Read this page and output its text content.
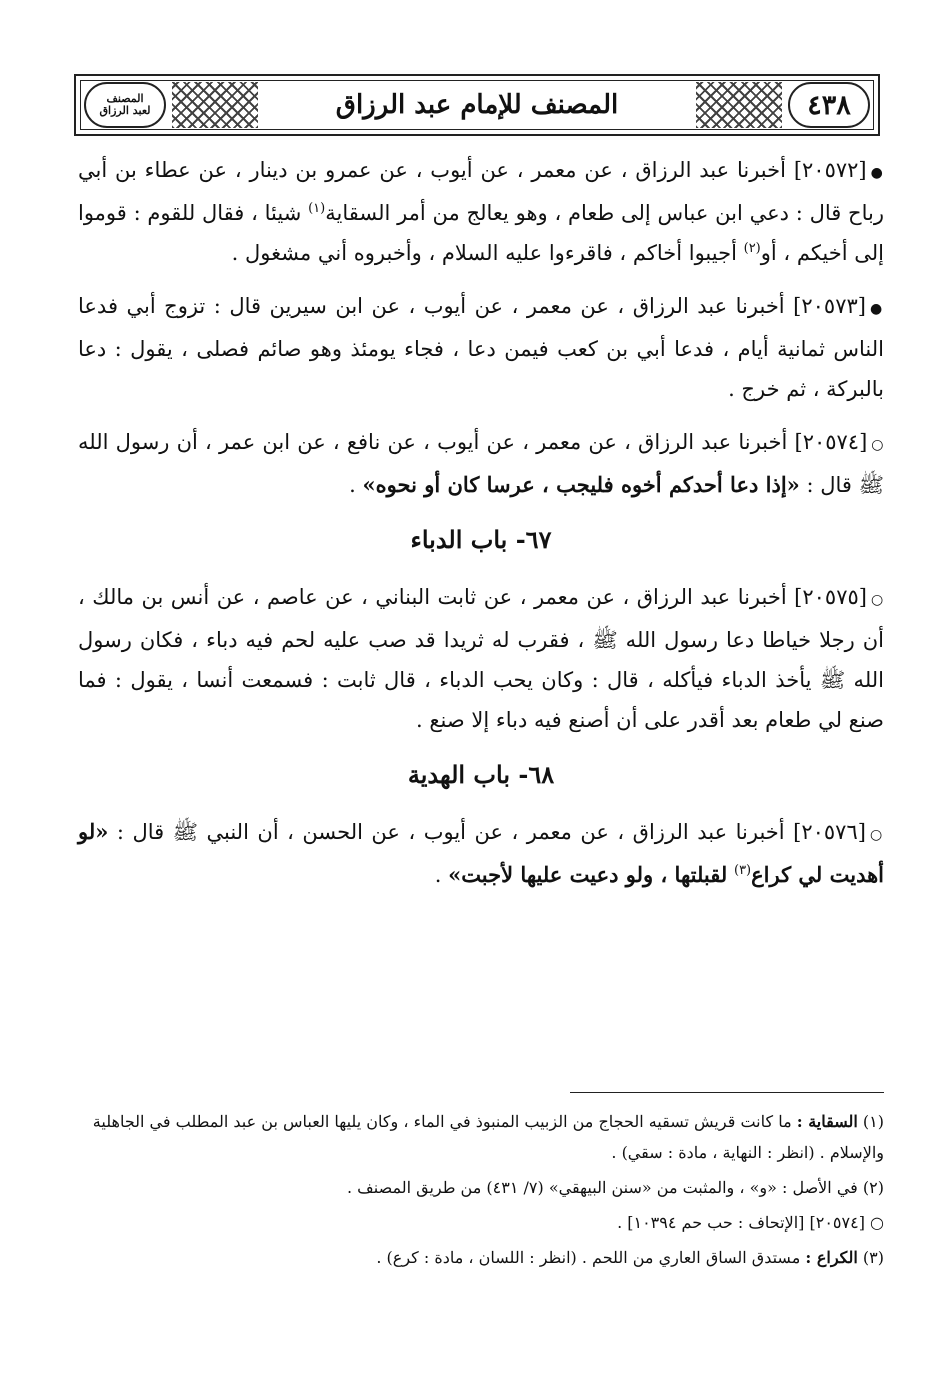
المصنف
لعبد الرزاق	المصنف للإمام عبد الرزاق	٤٣٨

●[٢٠٥٧٢] أخبرنا عبد الرزاق ، عن معمر ، عن أيوب ، عن عمرو بن دينار ، عن عطاء بن أبي رباح قال : دعي ابن عباس إلى طعام ، وهو يعالج من أمر السقاية$^{(١)}$ شيئا ، فقال للقوم : قوموا إلى أخيكم ، أو$^{(٢)}$ أجيبوا أخاكم ، فاقرءوا عليه السلام ، وأخبروه أني مشغول .

●[٢٠٥٧٣] أخبرنا عبد الرزاق ، عن معمر ، عن أيوب ، عن ابن سيرين قال : تزوج أبي فدعا الناس ثمانية أيام ، فدعا أبي بن كعب فيمن دعا ، فجاء يومئذ وهو صائم فصلى ، يقول : دعا بالبركة ، ثم خرج .

○[٢٠٥٧٤] أخبرنا عبد الرزاق ، عن معمر ، عن أيوب ، عن نافع ، عن ابن عمر ، أن رسول الله ﷺ قال : «إذا دعا أحدكم أخوه فليجب ، عرسا كان أو نحوه» .

٦٧- باب الدباء

○[٢٠٥٧٥] أخبرنا عبد الرزاق ، عن معمر ، عن ثابت البناني ، عن عاصم ، عن أنس بن مالك ، أن رجلا خياطا دعا رسول الله ﷺ ، فقرب له ثريدا قد صب عليه لحم فيه دباء ، فكان رسول الله ﷺ يأخذ الدباء فيأكله ، قال : وكان يحب الدباء ، قال ثابت : فسمعت أنسا ، يقول : فما صنع لي طعام بعد أقدر على أن أصنع فيه دباء إلا صنع .

٦٨- باب الهدية

○[٢٠٥٧٦] أخبرنا عبد الرزاق ، عن معمر ، عن أيوب ، عن الحسن ، أن النبي ﷺ قال : «لو أهديت لي كراع$^{(٣)}$ لقبلتها ، ولو دعيت عليها لأجبت» .

(١) السقاية : ما كانت قريش تسقيه الحجاج من الزبيب المنبوذ في الماء ، وكان يليها العباس بن عبد المطلب في الجاهلية والإسلام . (انظر : النهاية ، مادة : سقي) .

(٢) في الأصل : «و» ، والمثبت من «سنن البيهقي» (٧/ ٤٣١) من طريق المصنف .

○ [٢٠٥٧٤] [الإتحاف : حب حم ١٠٣٩٤] .

(٣) الكراع : مستدق الساق العاري من اللحم . (انظر : اللسان ، مادة : كرع) .
